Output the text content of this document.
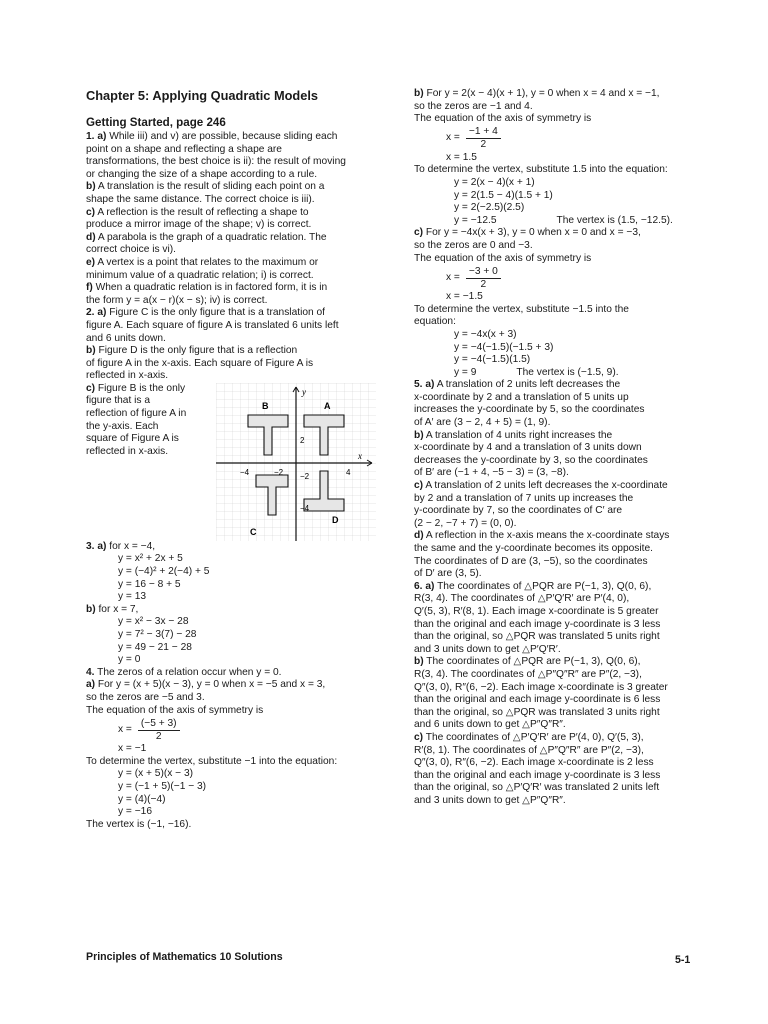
Chapter 5: Applying Quadratic Models
Getting Started, page 246
1. a) While iii) and v) are possible, because sliding each
point on a shape and reflecting a shape are
transformations, the best choice is ii): the result of moving
or changing the size of a shape according to a rule.
b) A translation is the result of sliding each point on a
shape the same distance. The correct choice is iii).
c) A reflection is the result of reflecting a shape to
produce a mirror image of the shape; v) is correct.
d) A parabola is the graph of a quadratic relation. The
correct choice is vi).
e) A vertex is a point that relates to the maximum or
minimum value of a quadratic relation; i) is correct.
f) When a quadratic relation is in factored form, it is in
the form y = a(x − r)(x − s); iv) is correct.
2. a) Figure C is the only figure that is a translation of
figure A. Each square of figure A is translated 6 units left
and 6 units down.
b) Figure D is the only figure that is a reflection
of figure A in the x-axis. Each square of Figure A is
reflected in x-axis.
c) Figure B is the only
figure that is a
reflection of figure A in
the y-axis. Each
square of Figure A is
reflected in x-axis.
A
B
C
D
x
y
−4	−2
2
−2
−4
4
3. a) for x = −4,
y = x² + 2x + 5
y = (−4)² + 2(−4) + 5
y = 16 − 8 + 5
y = 13
b) for x = 7,
y = x² − 3x − 28
y = 7² − 3(7) − 28
y = 49 − 21 − 28
y = 0
4. The zeros of a relation occur when y = 0.
a) For y = (x + 5)(x − 3), y = 0 when x = −5 and x = 3,
so the zeros are −5 and 3.
The equation of the axis of symmetry is
$x = \frac{(-5 + 3)}{2}$
x = −1
To determine the vertex, substitute −1 into the equation:
y = (x + 5)(x − 3)
y = (−1 + 5)(−1 − 3)
y = (4)(−4)
y = −16
The vertex is (−1, −16).
b) For y = 2(x − 4)(x + 1), y = 0 when x = 4 and x = −1,
so the zeros are −1 and 4.
The equation of the axis of symmetry is
$x = \frac{-1 + 4}{2}$
x = 1.5
To determine the vertex, substitute 1.5 into the equation:
y = 2(x − 4)(x + 1)
y = 2(1.5 − 4)(1.5 + 1)
y = 2(−2.5)(2.5)
y = −12.5	The vertex is (1.5, −12.5).
c) For y = −4x(x + 3), y = 0 when x = 0 and x = −3,
so the zeros are 0 and −3.
The equation of the axis of symmetry is
$x = \frac{-3 + 0}{2}$
x = −1.5
To determine the vertex, substitute −1.5 into the
equation:
y = −4x(x + 3)
y = −4(−1.5)(−1.5 + 3)
y = −4(−1.5)(1.5)
y = 9	The vertex is (−1.5, 9).
5. a) A translation of 2 units left decreases the
x-coordinate by 2 and a translation of 5 units up
increases the y-coordinate by 5, so the coordinates
of A′ are (3 − 2, 4 + 5) = (1, 9).
b) A translation of 4 units right increases the
x-coordinate by 4 and a translation of 3 units down
decreases the y-coordinate by 3, so the coordinates
of B′ are (−1 + 4, −5 − 3) = (3, −8).
c) A translation of 2 units left decreases the x-coordinate
by 2 and a translation of 7 units up increases the
y-coordinate by 7, so the coordinates of C′ are
(2 − 2, −7 + 7) = (0, 0).
d) A reflection in the x-axis means the x-coordinate stays
the same and the y-coordinate becomes its opposite.
The coordinates of D are (3, −5), so the coordinates
of D′ are (3, 5).
6. a) The coordinates of △PQR are P(−1, 3), Q(0, 6),
R(3, 4). The coordinates of △P′Q′R′ are P′(4, 0),
Q′(5, 3), R′(8, 1). Each image x-coordinate is 5 greater
than the original and each image y-coordinate is 3 less
than the original, so △PQR was translated 5 units right
and 3 units down to get △P′Q′R′.
b) The coordinates of △PQR are P(−1, 3), Q(0, 6),
R(3, 4). The coordinates of △P″Q″R″ are P″(2, −3),
Q″(3, 0), R″(6, −2). Each image x-coordinate is 3 greater
than the original and each image y-coordinate is 6 less
than the original, so △PQR was translated 3 units right
and 6 units down to get △P″Q″R″.
c) The coordinates of △P′Q′R′ are P′(4, 0), Q′(5, 3),
R′(8, 1). The coordinates of △P″Q″R″ are P″(2, −3),
Q″(3, 0), R″(6, −2). Each image x-coordinate is 2 less
than the original and each image y-coordinate is 3 less
than the original, so △P′Q′R′ was translated 2 units left
and 3 units down to get △P″Q″R″.
Principles of Mathematics 10 Solutions	5-1
